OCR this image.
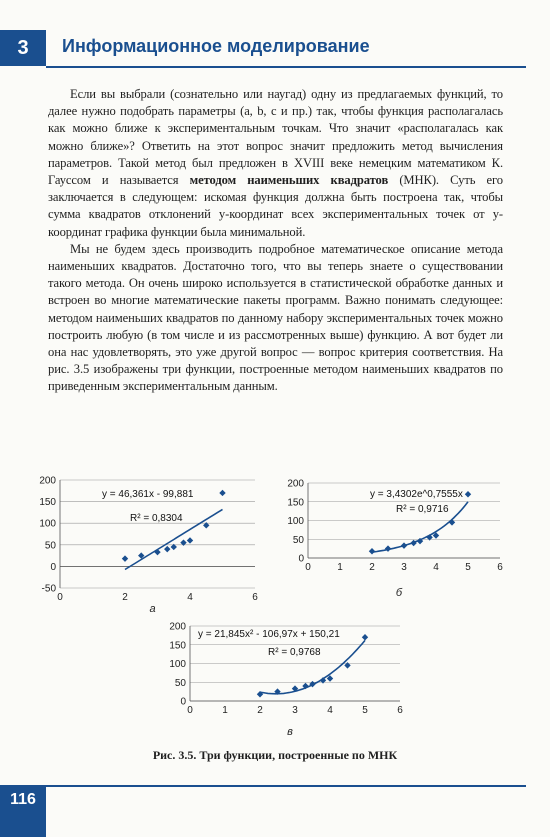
3	Информационное моделирование

Если вы выбрали (сознательно или наугад) одну из предлагаемых функций, то далее нужно подобрать параметры (a, b, c и пр.) так, чтобы функция располагалась как можно ближе к экспериментальным точкам. Что значит «располагалась как можно ближе»? Ответить на этот вопрос значит предложить метод вычисления параметров. Такой метод был предложен в XVIII веке немецким математиком К. Гауссом и называется методом наименьших квадратов (МНК). Суть его заключается в следующем: искомая функция должна быть построена так, чтобы сумма квадратов отклонений y-координат всех экспериментальных точек от y-координат графика функции была минимальной.

Мы не будем здесь производить подробное математическое описание метода наименьших квадратов. Достаточно того, что вы теперь знаете о существовании такого метода. Он очень широко используется в статистической обработке данных и встроен во многие математические пакеты программ. Важно понимать следующее: методом наименьших квадратов по данному набору экспериментальных точек можно построить любую (в том числе и из рассмотренных выше) функцию. А вот будет ли она нас удовлетворять, это уже другой вопрос — вопрос критерия соответствия. На рис. 3.5 изображены три функции, построенные методом наименьших квадратов по приведенным экспериментальным данным.

-50
0
50
100
150
200
0	2	4	6
y = 46,361x - 99,881
R² = 0,8304
а
0
50
100
150
200
0	1	2	3	4	5	6
y = 3,4302e^0,7555x
R² = 0,9716
б
0
50
100
150
200
0	1	2	3	4	5	6
y = 21,845x² - 106,97x + 150,21
R² = 0,9768
в
Рис. 3.5. Три функции, построенные по МНК
116
